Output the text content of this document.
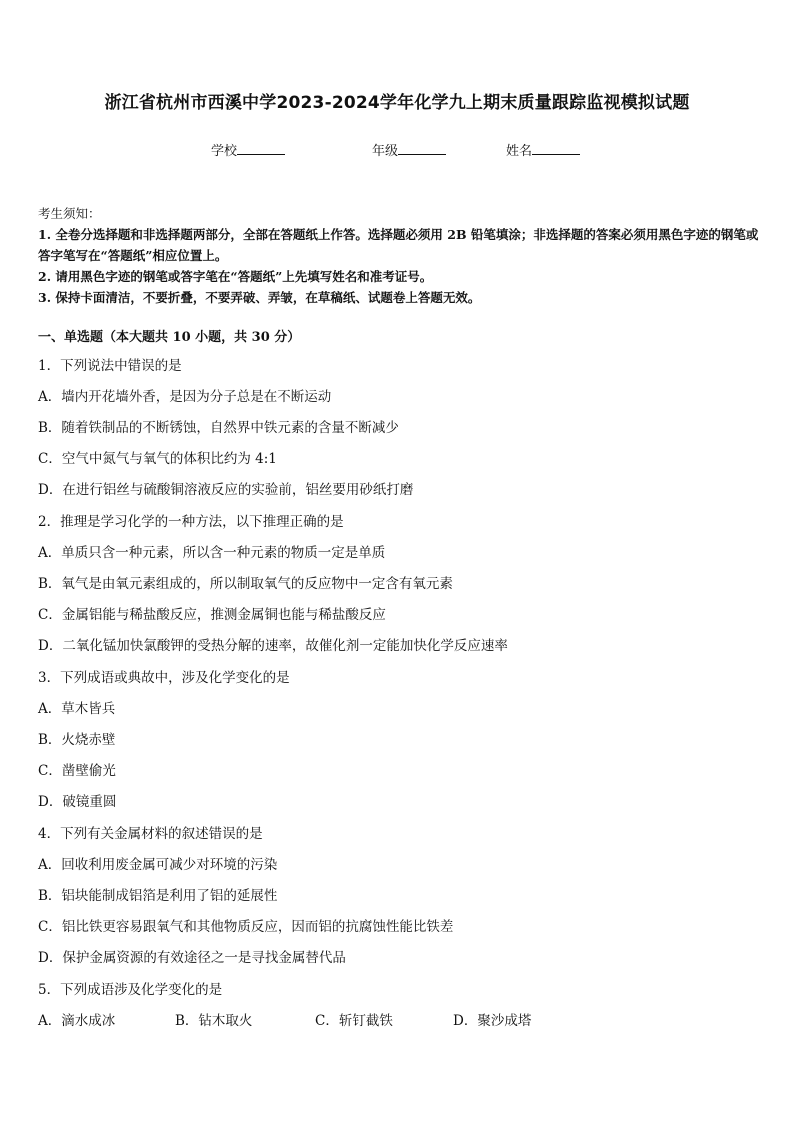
浙江省杭州市西溪中学2023-2024学年化学九上期末质量跟踪监视模拟试题
学校	年级	姓名
考生须知：
1. 全卷分选择题和非选择题两部分，全部在答题纸上作答。选择题必须用 2B 铅笔填涂；非选择题的答案必须用黑色字迹的钢笔或答字笔写在“答题纸”相应位置上。
2. 请用黑色字迹的钢笔或答字笔在“答题纸”上先填写姓名和准考证号。
3. 保持卡面清洁，不要折叠，不要弄破、弄皱，在草稿纸、试题卷上答题无效。
一、单选题（本大题共 10 小题，共 30 分）
1．下列说法中错误的是
A．墙内开花墙外香，是因为分子总是在不断运动
B．随着铁制品的不断锈蚀，自然界中铁元素的含量不断减少
C．空气中氮气与氧气的体积比约为 4:1
D．在进行铝丝与硫酸铜溶液反应的实验前，铝丝要用砂纸打磨
2．推理是学习化学的一种方法，以下推理正确的是
A．单质只含一种元素，所以含一种元素的物质一定是单质
B．氧气是由氧元素组成的，所以制取氧气的反应物中一定含有氧元素
C．金属铝能与稀盐酸反应，推测金属铜也能与稀盐酸反应
D．二氧化锰加快氯酸钾的受热分解的速率，故催化剂一定能加快化学反应速率
3．下列成语或典故中，涉及化学变化的是
A．草木皆兵
B．火烧赤壁
C．凿壁偷光
D．破镜重圆
4．下列有关金属材料的叙述错误的是
A．回收利用废金属可减少对环境的污染
B．铝块能制成铝箔是利用了铝的延展性
C．铝比铁更容易跟氧气和其他物质反应，因而铝的抗腐蚀性能比铁差
D．保护金属资源的有效途径之一是寻找金属替代品
5．下列成语涉及化学变化的是
A．滴水成冰	B．钻木取火	C．斩钉截铁	D．聚沙成塔
